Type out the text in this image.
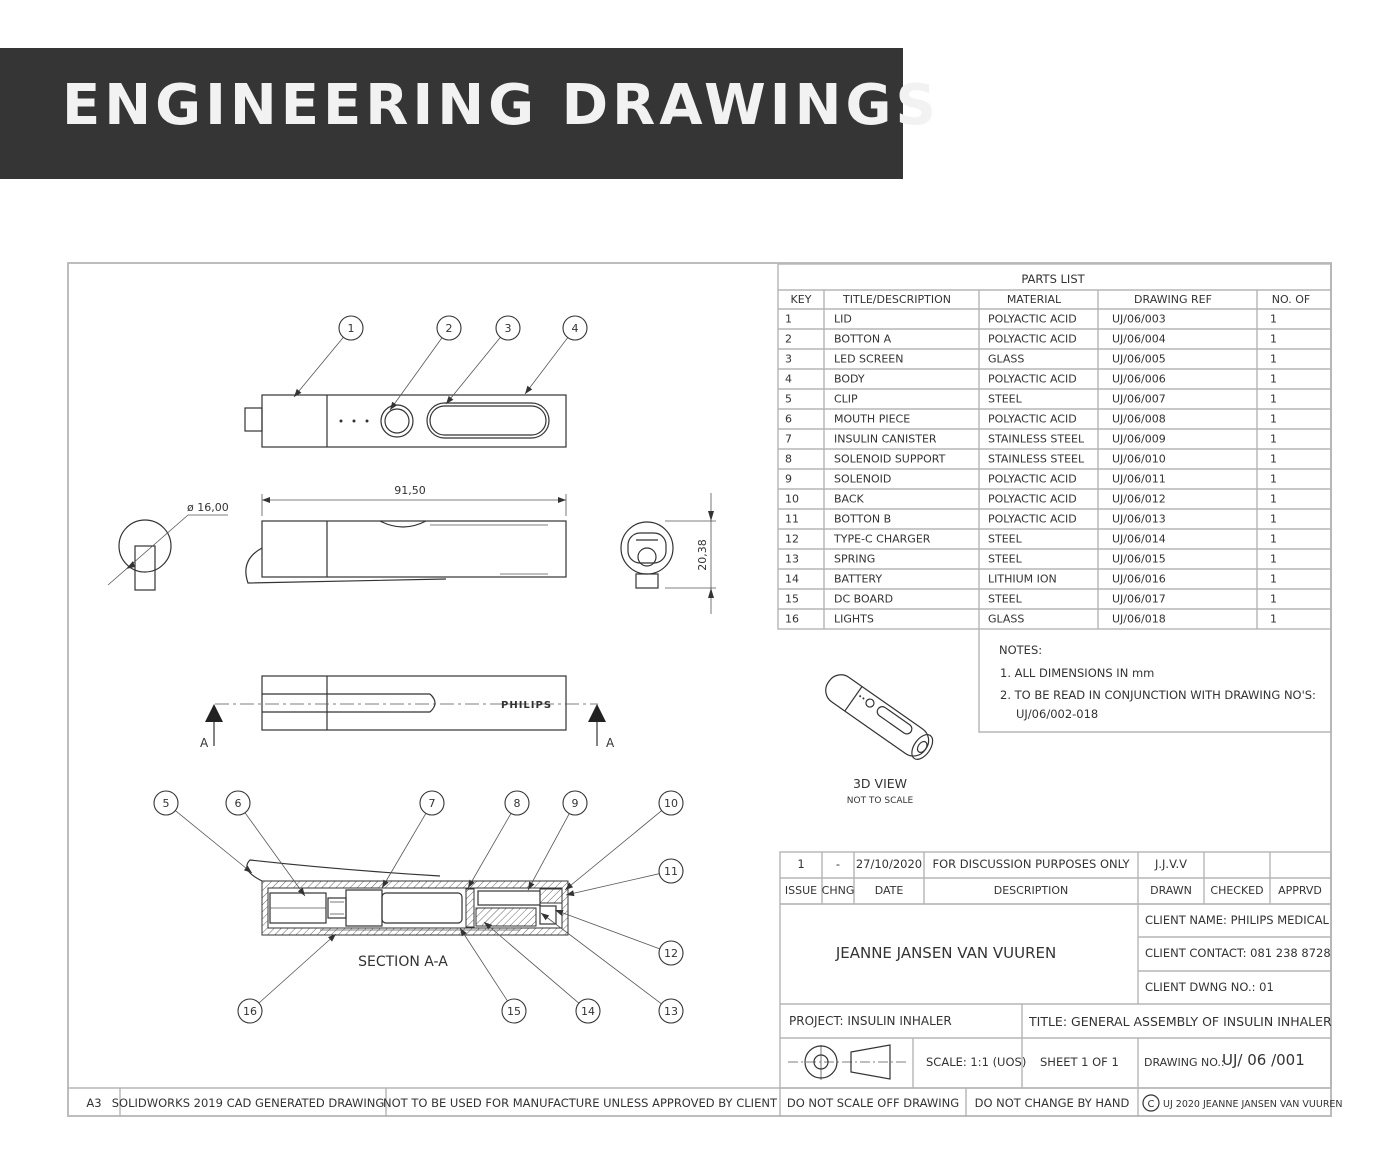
ENGINEERING DRAWINGS
PARTS LIST
KEY	TITLE/DESCRIPTION	MATERIAL	DRAWING REF	NO. OF
1	LID	POLYACTIC ACID	UJ/06/003	1
2	BOTTON A	POLYACTIC ACID	UJ/06/004	1
3	LED SCREEN	GLASS	UJ/06/005	1
4	BODY	POLYACTIC ACID	UJ/06/006	1
5	CLIP	STEEL	UJ/06/007	1
6	MOUTH PIECE	POLYACTIC ACID	UJ/06/008	1
7	INSULIN CANISTER	STAINLESS STEEL	UJ/06/009	1
8	SOLENOID SUPPORT	STAINLESS STEEL	UJ/06/010	1
9	SOLENOID	POLYACTIC ACID	UJ/06/011	1
10	BACK	POLYACTIC ACID	UJ/06/012	1
11	BOTTON B	POLYACTIC ACID	UJ/06/013	1
12	TYPE-C CHARGER	STEEL	UJ/06/014	1
13	SPRING	STEEL	UJ/06/015	1
14	BATTERY	LITHIUM ION	UJ/06/016	1
15	DC BOARD	STEEL	UJ/06/017	1
16	LIGHTS	GLASS	UJ/06/018	1
NOTES:
1. ALL DIMENSIONS IN mm
2. TO BE READ IN CONJUNCTION WITH DRAWING NO'S:
UJ/06/002-018
3D VIEW
NOT TO SCALE
1	2	3	4
91,50
ø 16,00
20,38
PHILIPS
A	A
SECTION A-A
5	6	7	8	9	10
11
12
13
14
15
16
1	- 27/10/2020 FOR DISCUSSION PURPOSES ONLY J.J.V.V
ISSUE CHNG DATE	DESCRIPTION	DRAWN CHECKED APPRVD
JEANNE JANSEN VAN VUUREN
CLIENT NAME: PHILIPS MEDICAL
CLIENT CONTACT: 081 238 8728
CLIENT DWNG NO.: 01
PROJECT: INSULIN INHALER	TITLE: GENERAL ASSEMBLY OF INSULIN INHALER
SCALE: 1:1 (UOS) SHEET 1 OF 1 DRAWING NO.:
UJ/ 06 /001
A3 SOLIDWORKS 2019 CAD GENERATED DRAWING
NOT TO BE USED FOR MANUFACTURE UNLESS APPROVED BY CLIENT DO NOT SCALE OFF DRAWING DO NOT CHANGE BY HAND C UJ 2020 JEANNE JANSEN VAN VUUREN
